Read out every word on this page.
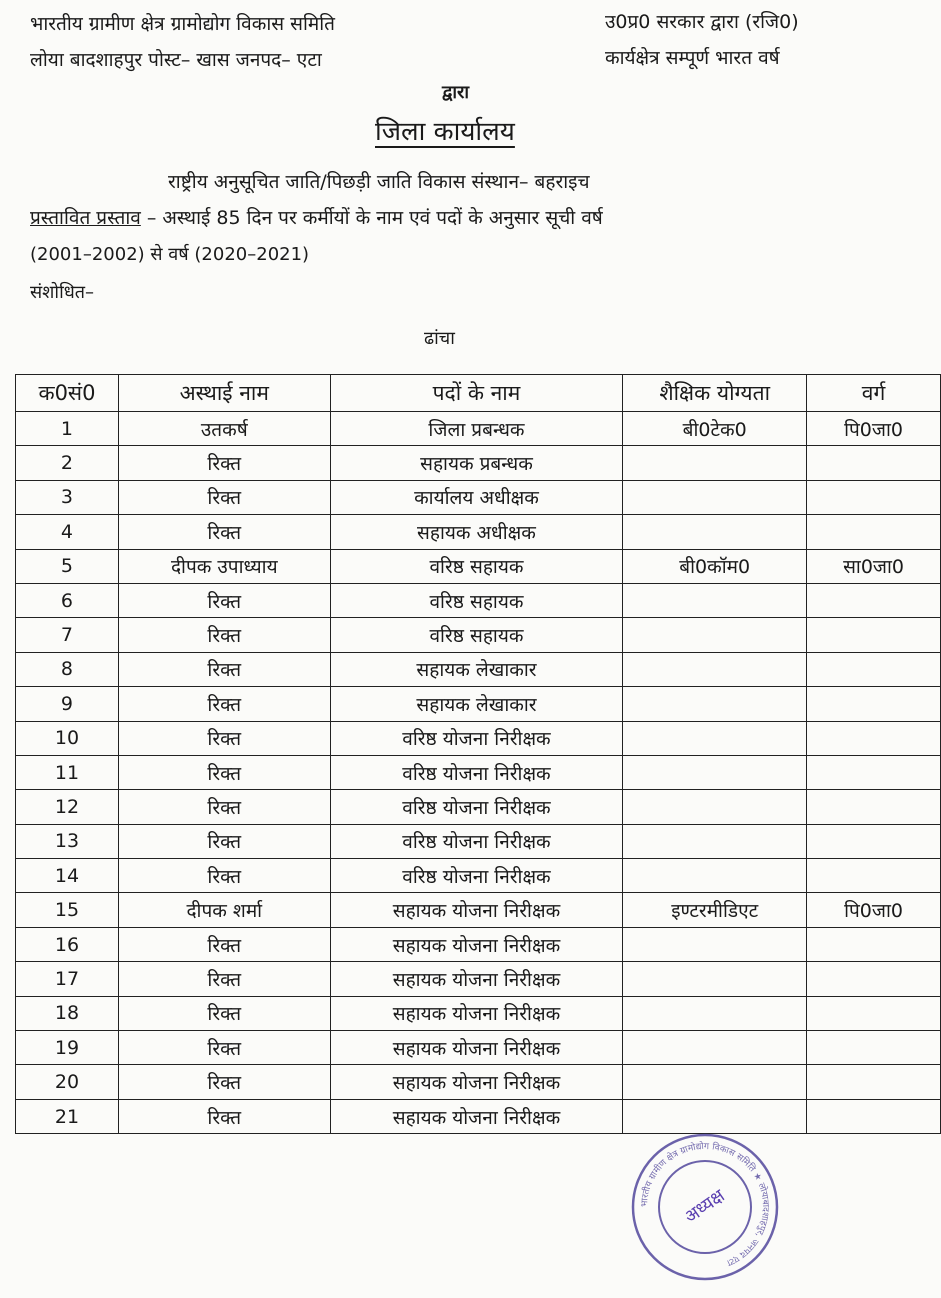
भारतीय ग्रामीण क्षेत्र ग्रामोद्योग विकास समिति
लोया बादशाहपुर पोस्ट– खास जनपद– एटा
उ0प्र0 सरकार द्वारा (रजि0)
कार्यक्षेत्र सम्पूर्ण भारत वर्ष
द्वारा
जिला कार्यालय
राष्ट्रीय अनुसूचित जाति/पिछड़ी जाति विकास संस्थान– बहराइच
प्रस्तावित प्रस्ताव – अस्थाई 85 दिन पर कर्मीयों के नाम एवं पदों के अनुसार सूची वर्ष
(2001–2002) से वर्ष (2020–2021)
संशोधित–
ढांचा
क0सं0	अस्थाई नाम	पदों के नाम	शैक्षिक योग्यता	वर्ग
1	उतकर्ष	जिला प्रबन्धक	बी0टेक0	पि0जा0
2	रिक्त	सहायक प्रबन्धक		
3	रिक्त	कार्यालय अधीक्षक		
4	रिक्त	सहायक अधीक्षक		
5	दीपक उपाध्याय	वरिष्ठ सहायक	बी0कॉम0	सा0जा0
6	रिक्त	वरिष्ठ सहायक		
7	रिक्त	वरिष्ठ सहायक		
8	रिक्त	सहायक लेखाकार		
9	रिक्त	सहायक लेखाकार		
10	रिक्त	वरिष्ठ योजना निरीक्षक		
11	रिक्त	वरिष्ठ योजना निरीक्षक		
12	रिक्त	वरिष्ठ योजना निरीक्षक		
13	रिक्त	वरिष्ठ योजना निरीक्षक		
14	रिक्त	वरिष्ठ योजना निरीक्षक		
15	दीपक शर्मा	सहायक योजना निरीक्षक	इण्टरमीडिएट	पि0जा0
16	रिक्त	सहायक योजना निरीक्षक		
17	रिक्त	सहायक योजना निरीक्षक		
18	रिक्त	सहायक योजना निरीक्षक		
19	रिक्त	सहायक योजना निरीक्षक		
20	रिक्त	सहायक योजना निरीक्षक		
21	रिक्त	सहायक योजना निरीक्षक		
भारतीय ग्रामीण क्षेत्र ग्रामोद्योग विकास समिति ★ लोयाबादशाहपुर, जनपद एटा
अध्यक्ष
